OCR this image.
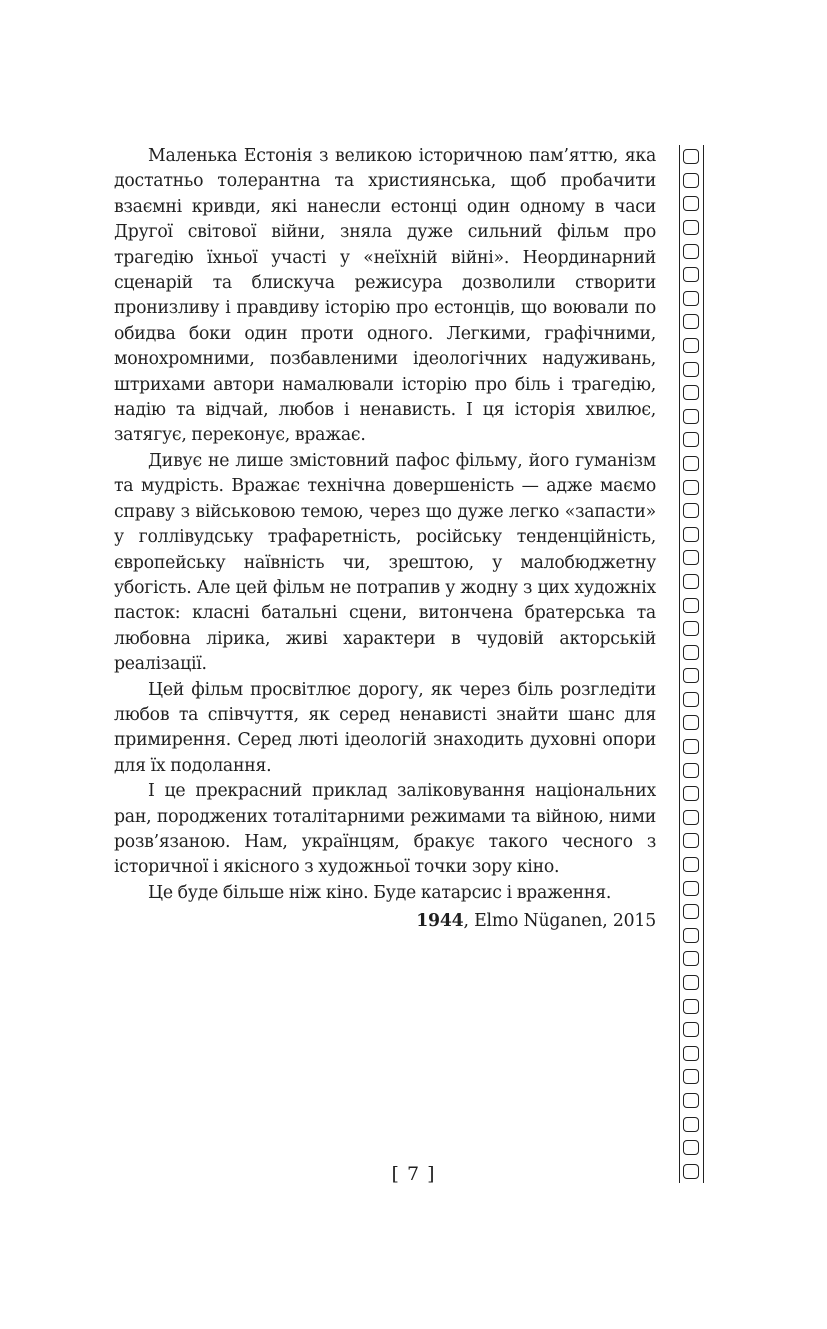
Маленька Естонія з великою історичною пам’яттю, яка достатньо толерантна та християнська, щоб пробачити взаємні кривди, які нанесли естонці один одному в часи Другої світової війни, зняла дуже сильний фільм про трагедію їхньої участі у «неїхній війні». Неординарний сценарій та блискуча режисура дозволили створити пронизливу і правдиву історію про естонців, що воювали по обидва боки один проти одного. Легкими, графічними, монохромними, позбавленими ідеологічних надуживань, штрихами автори намалювали історію про біль і трагедію, надію та відчай, любов і ненависть. І ця історія хвилює, затягує, переконує, вражає.

Дивує не лише змістовний пафос фільму, його гуманізм та мудрість. Вражає технічна довершеність — адже маємо справу з військовою темою, через що дуже легко «запасти» у голлівудську трафаретність, російську тенденційність, європейську наївність чи, зрештою, у малобюджетну убогість. Але цей фільм не потрапив у жодну з цих художніх пасток: класні батальні сцени, витончена братерська та любовна лірика, живі характери в чудовій акторській реалізації.

Цей фільм просвітлює дорогу, як через біль розгледіти любов та співчуття, як серед ненависті знайти шанс для примирення. Серед люті ідеологій знаходить духовні опори для їх подолання.

І це прекрасний приклад заліковування національних ран, породжених тоталітарними режимами та війною, ними розв’язаною. Нам, українцям, бракує такого чесного з історичної і якісного з художньої точки зору кіно.

Це буде більше ніж кіно. Буде катарсис і враження.

1944, Elmo Nüganen, 2015

[ 7 ]
